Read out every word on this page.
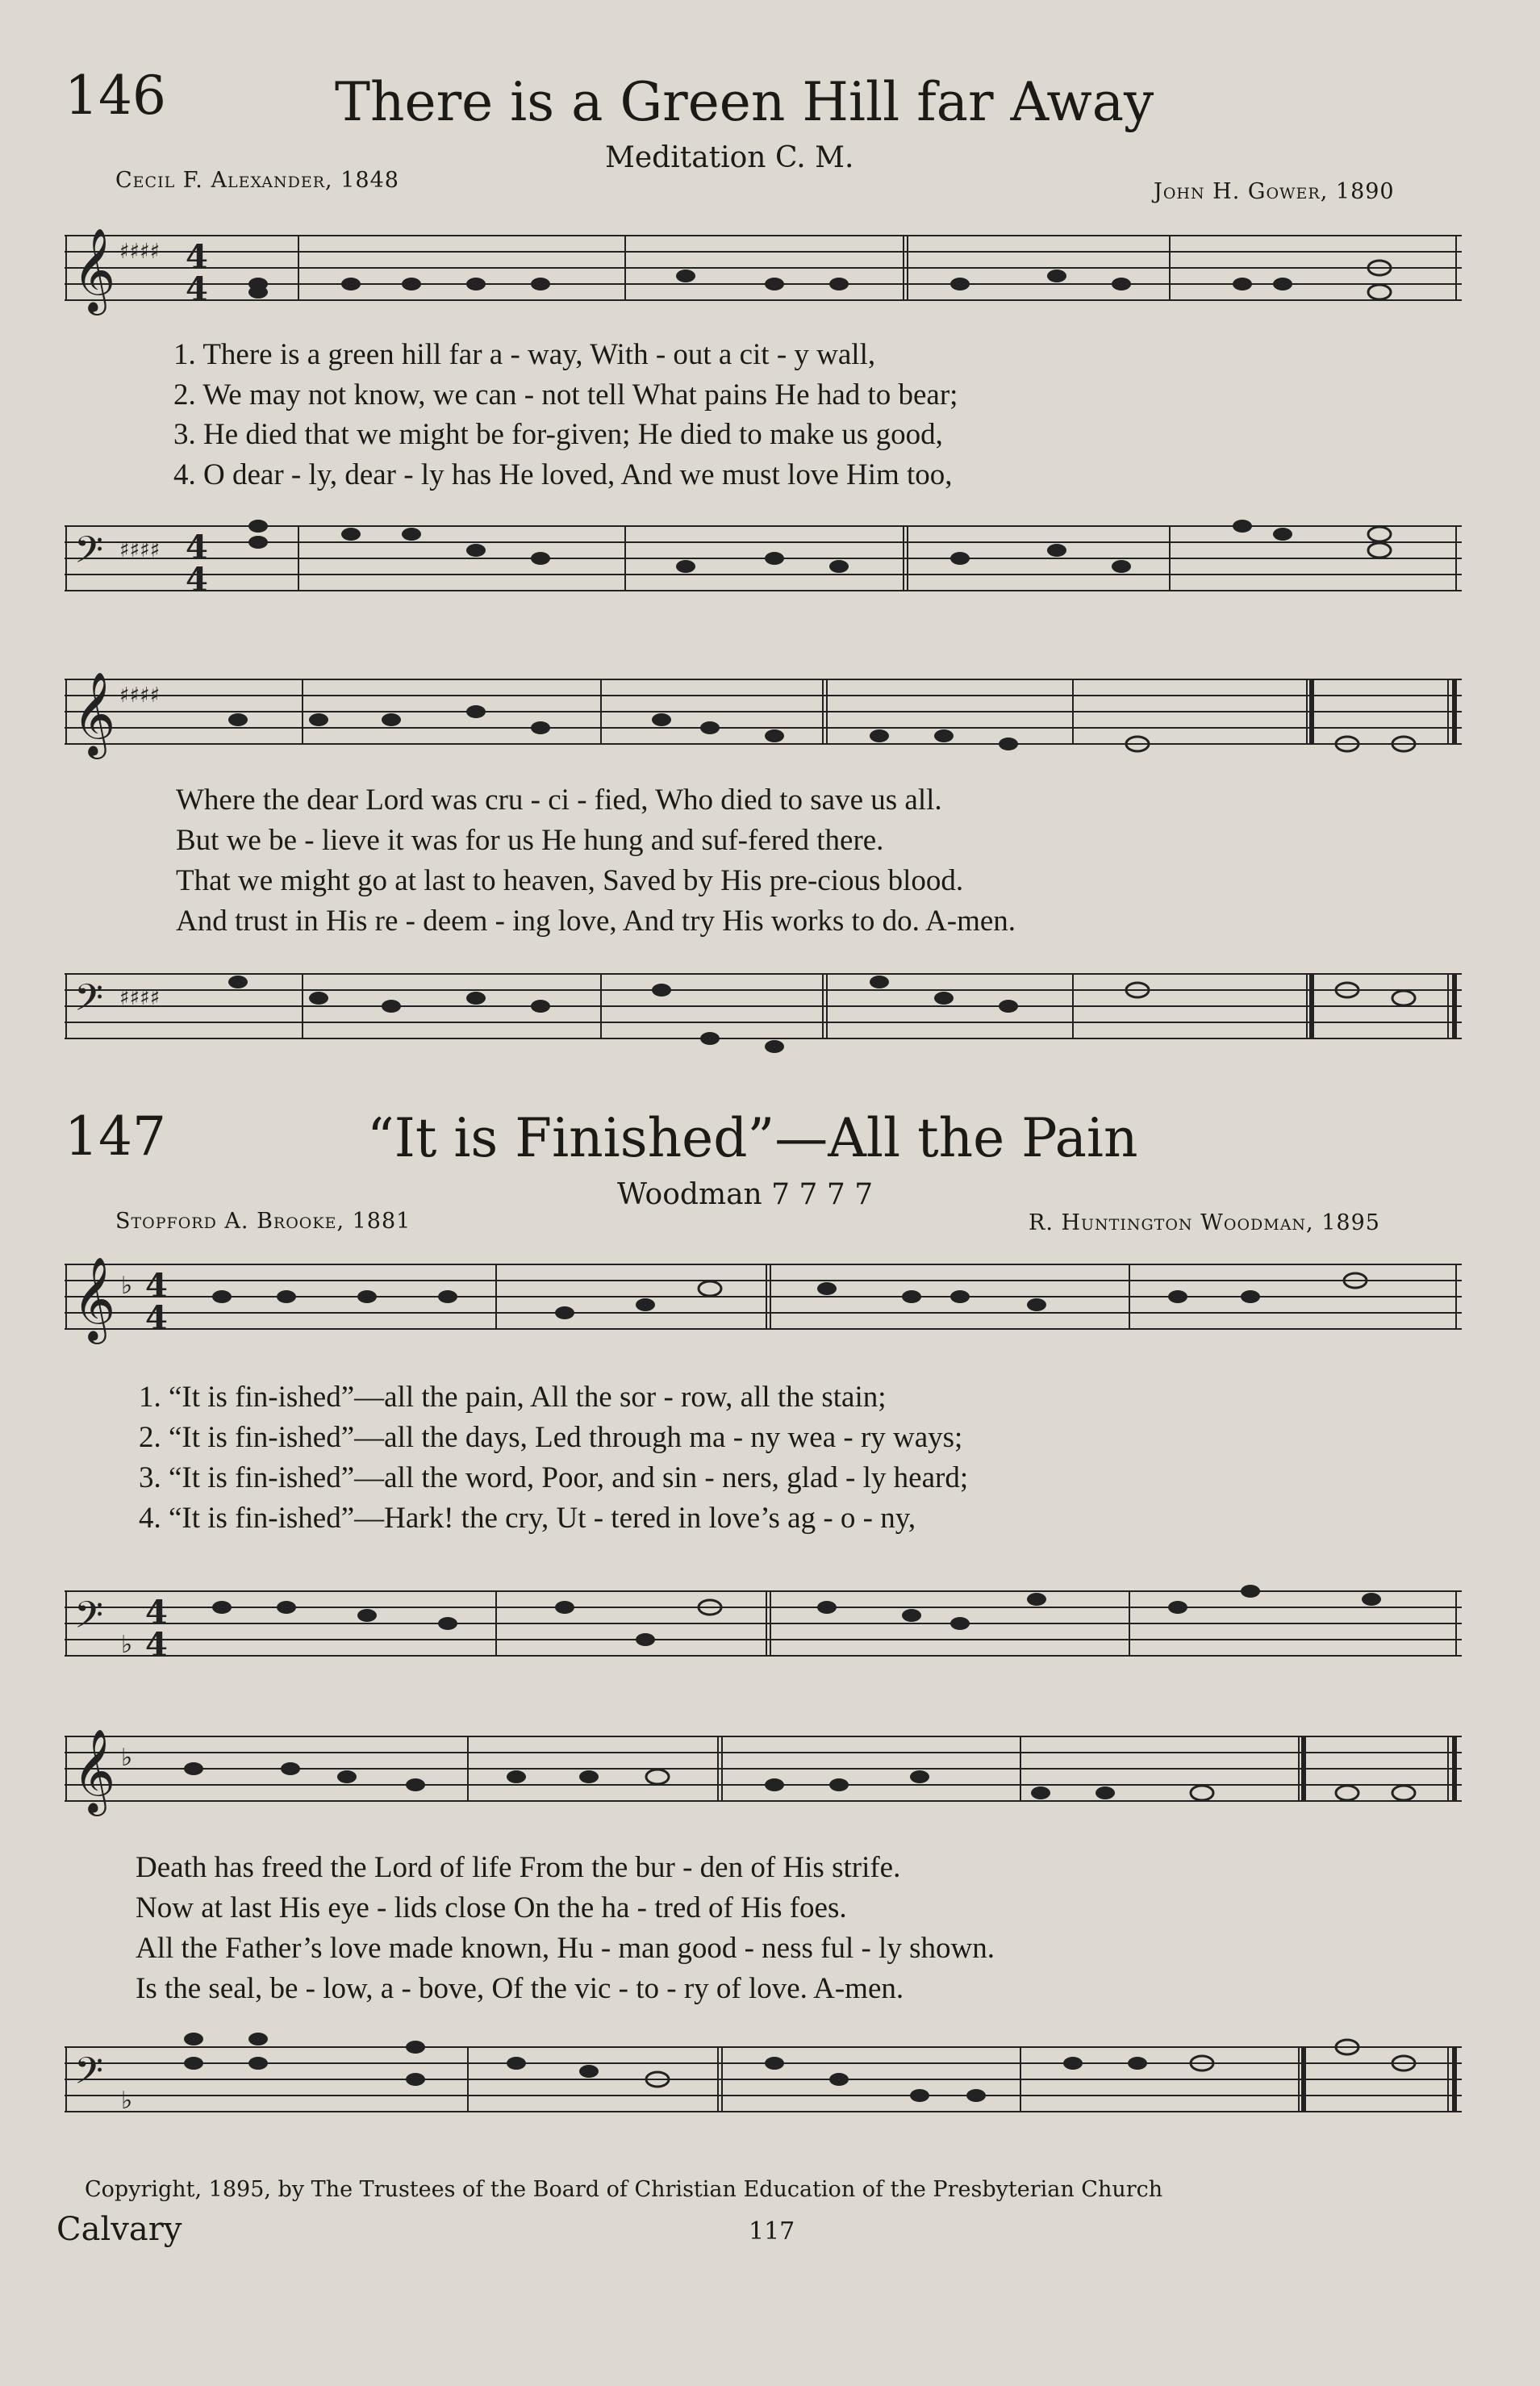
146	There is a Green Hill far Away
Meditation C. M.
Cecil F. Alexander, 1848	John H. Gower, 1890
𝄞 ♯♯♯♯ 4
4
1. There is a green hill far a - way, With - out a cit - y wall,
2. We may not know, we can - not tell What pains He had to bear;
3. He died that we might be for-given; He died to make us good,
4. O dear - ly, dear - ly has He loved, And we must love Him too,
𝄢 ♯♯♯♯ 4
4
𝄞 ♯♯♯♯
Where the dear Lord was cru - ci - fied, Who died to save us all.
But we be - lieve it was for us He hung and suf-fered there.
That we might go at last to heaven, Saved by His pre-cious blood.
And trust in His re - deem - ing love, And try His works to do. A-men.
𝄢 ♯♯♯♯
147	“It is Finished”—All the Pain
Woodman 7 7 7 7
Stopford A. Brooke, 1881	R. Huntington Woodman, 1895
𝄞 ♭ 4
4
1. “It is fin-ished”—all the pain, All the sor - row, all the stain;
2. “It is fin-ished”—all the days, Led through ma - ny wea - ry ways;
3. “It is fin-ished”—all the word, Poor, and sin - ners, glad - ly heard;
4. “It is fin-ished”—Hark! the cry, Ut - tered in love’s ag - o - ny,
𝄢 ♭
4
4
𝄞 ♭
Death has freed the Lord of life From the bur - den of His strife.
Now at last His eye - lids close On the ha - tred of His foes.
All the Father’s love made known, Hu - man good - ness ful - ly shown.
Is the seal, be - low, a - bove, Of the vic - to - ry of love. A-men.
𝄢 ♭
Copyright, 1895, by The Trustees of the Board of Christian Education of the Presbyterian Church
Calvary	117
